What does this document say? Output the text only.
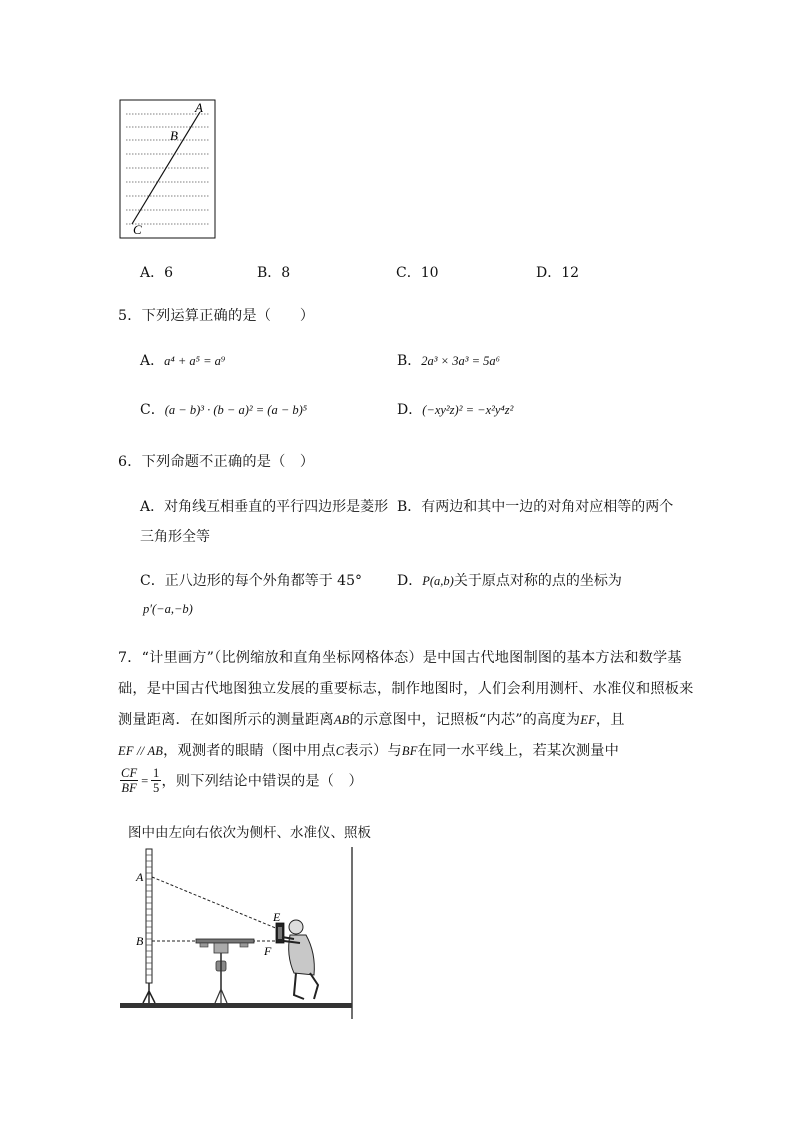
A
B
C
A．6	B．8	C．10	D．12
5．下列运算正确的是（　　）
A．a⁴ + a⁵ = a⁹	B．2a³ × 3a³ = 5a⁶
C．(a − b)³ · (b − a)² = (a − b)⁵	D．(−xy²z)² = −x²y⁴z²
6．下列命题不正确的是（　）
A．对角线互相垂直的平行四边形是菱形 B．有两边和其中一边的对角对应相等的两个
三角形全等
C．正八边形的每个外角都等于 45°	D．P(a,b)关于原点对称的点的坐标为
p′(−a,−b)
7．“计里画方”（比例缩放和直角坐标网格体态）是中国古代地图制图的基本方法和数学基
础，是中国古代地图独立发展的重要标志，制作地图时，人们会利用测杆、水准仪和照板来
测量距离．在如图所示的测量距离AB的示意图中，记照板“内芯”的高度为EF，且
EF // AB，观测者的眼睛（图中用点C表示）与BF在同一水平线上，若某次测量中
$\frac{CF}{BF} = \frac{1}{5}$ ，则下列结论中错误的是（　）
图中由左向右依次为侧杆、水准仪、照板
A
B
E
F
